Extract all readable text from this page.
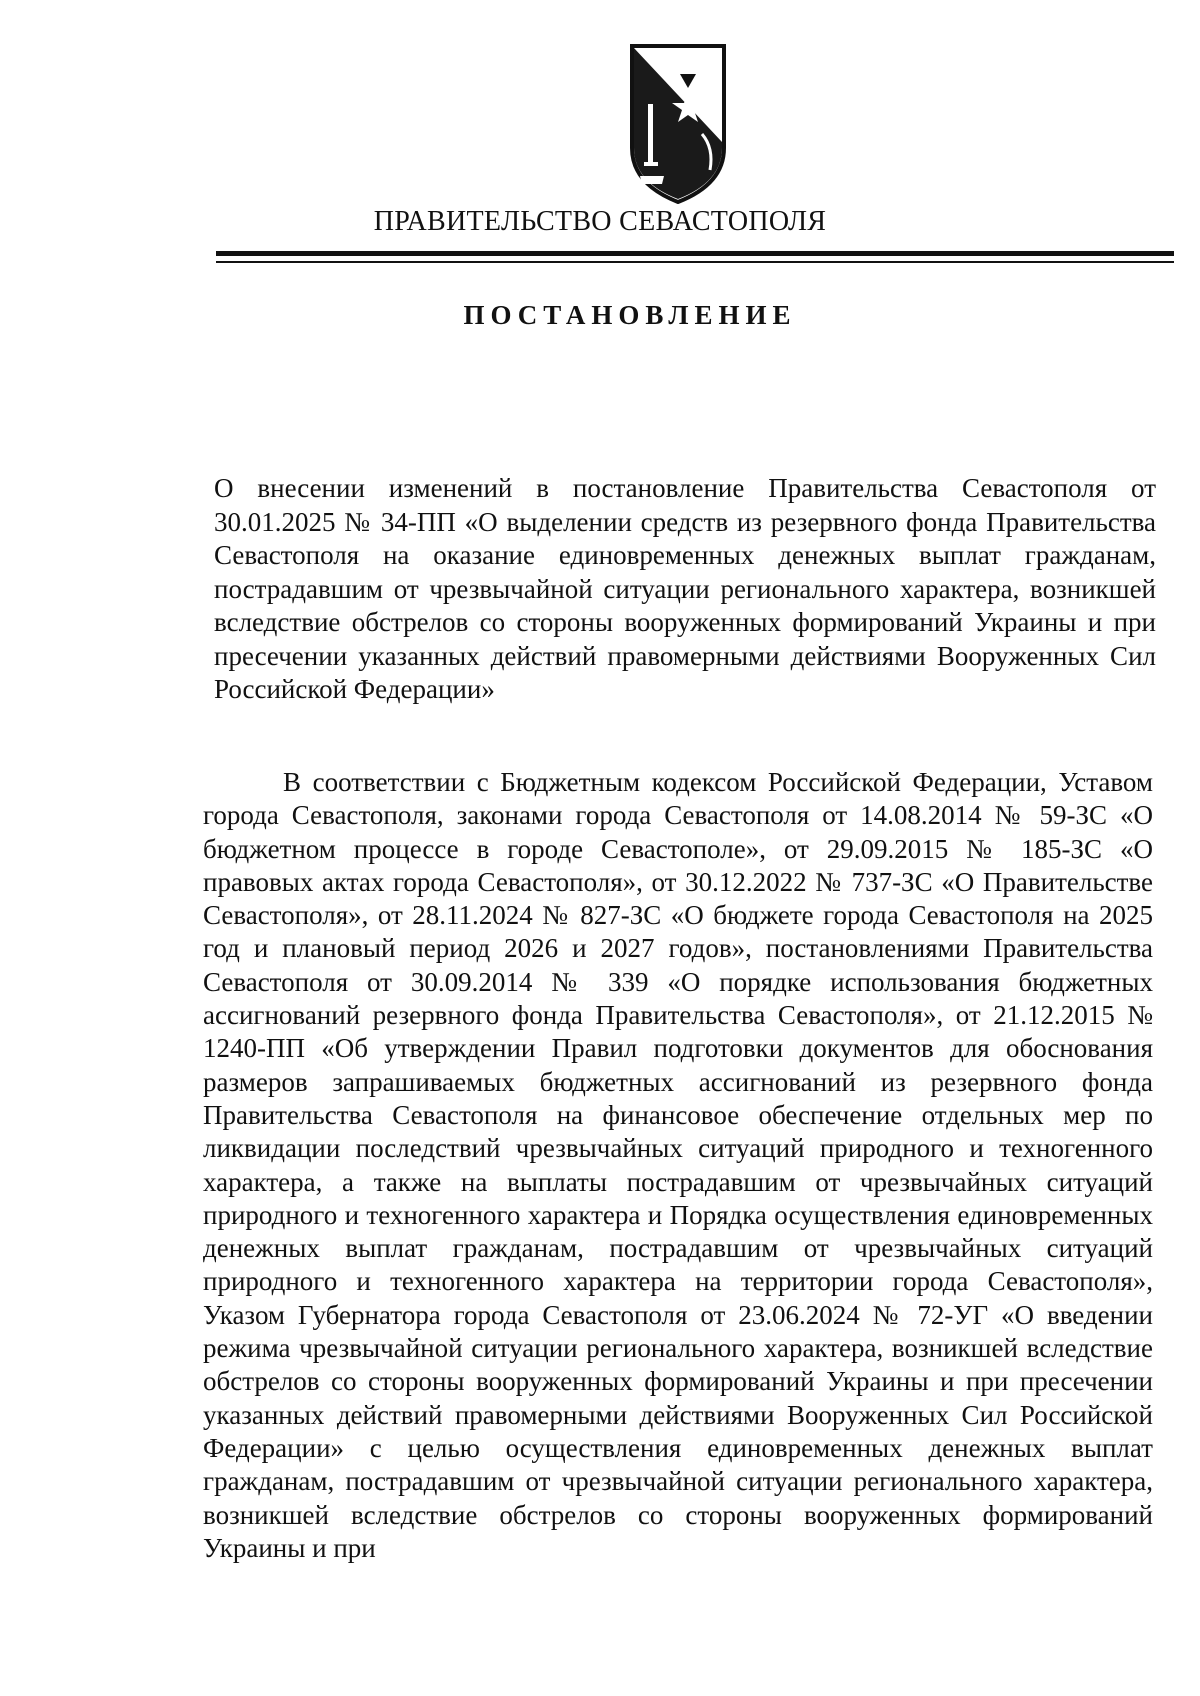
ПРАВИТЕЛЬСТВО СЕВАСТОПОЛЯ
ПОСТАНОВЛЕНИЕ
О внесении изменений в постановление Правительства Севастополя от 30.01.2025 № 34-ПП «О выделении средств из резервного фонда Правительства Севастополя на оказание единовременных денежных выплат гражданам, пострадавшим от чрезвычайной ситуации регионального характера, возникшей вследствие обстрелов со стороны вооруженных формирований Украины и при пресечении указанных действий правомерными действиями Вооруженных Сил Российской Федерации»
В соответствии с Бюджетным кодексом Российской Федерации, Уставом города Севастополя, законами города Севастополя от 14.08.2014 № 59-ЗС «О бюджетном процессе в городе Севастополе», от 29.09.2015 № 185-ЗС «О правовых актах города Севастополя», от 30.12.2022 № 737-ЗС «О Правительстве Севастополя», от 28.11.2024 № 827-ЗС «О бюджете города Севастополя на 2025 год и плановый период 2026 и 2027 годов», постановлениями Правительства Севастополя от 30.09.2014 № 339 «О порядке использования бюджетных ассигнований резервного фонда Правительства Севастополя», от 21.12.2015 № 1240-ПП «Об утверждении Правил подготовки документов для обоснования размеров запрашиваемых бюджетных ассигнований из резервного фонда Правительства Севастополя на финансовое обеспечение отдельных мер по ликвидации последствий чрезвычайных ситуаций природного и техногенного характера, а также на выплаты пострадавшим от чрезвычайных ситуаций природного и техногенного характера и Порядка осуществления единовременных денежных выплат гражданам, пострадавшим от чрезвычайных ситуаций природного и техногенного характера на территории города Севастополя», Указом Губернатора города Севастополя от 23.06.2024 № 72-УГ «О введении режима чрезвычайной ситуации регионального характера, возникшей вследствие обстрелов со стороны вооруженных формирований Украины и при пресечении указанных действий правомерными действиями Вооруженных Сил Российской Федерации» с целью осуществления единовременных денежных выплат гражданам, пострадавшим от чрезвычайной ситуации регионального характера, возникшей вследствие обстрелов со стороны вооруженных формирований Украины и при
